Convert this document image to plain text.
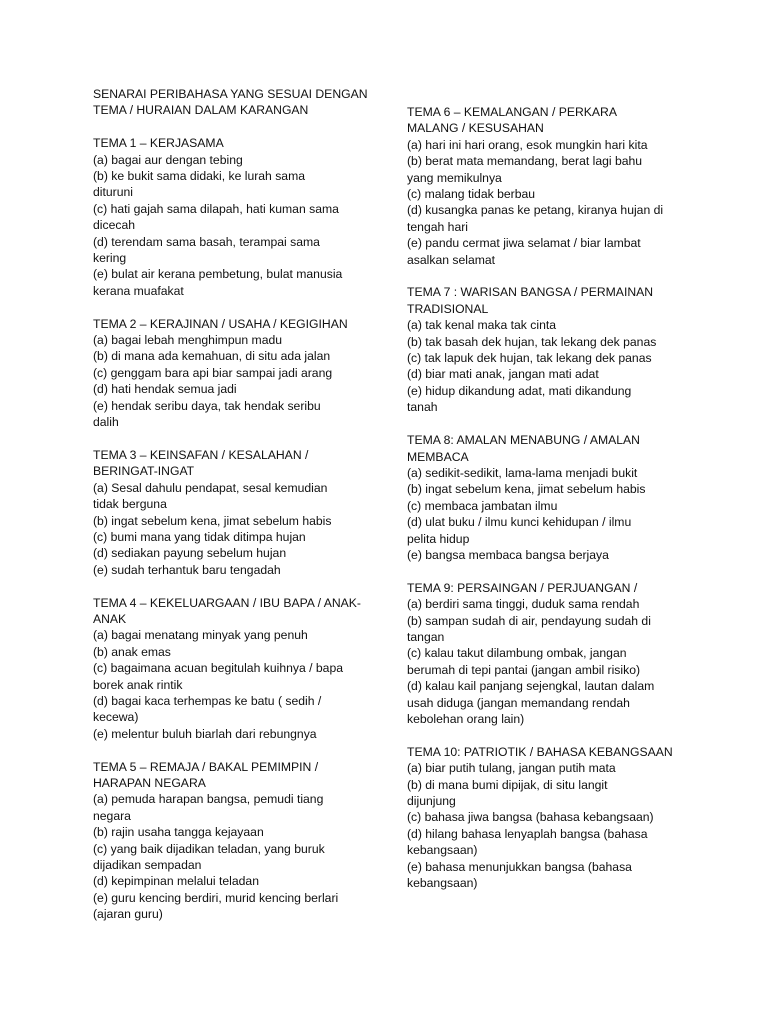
SENARAI PERIBAHASA YANG SESUAI DENGAN
TEMA / HURAIAN DALAM KARANGAN
TEMA 1 – KERJASAMA
(a) bagai aur dengan tebing
(b) ke bukit sama didaki, ke lurah sama
dituruni
(c) hati gajah sama dilapah, hati kuman sama
dicecah
(d) terendam sama basah, terampai sama
kering
(e) bulat air kerana pembetung, bulat manusia
kerana muafakat
TEMA 2 – KERAJINAN / USAHA / KEGIGIHAN
(a) bagai lebah menghimpun madu
(b) di mana ada kemahuan, di situ ada jalan
(c) genggam bara api biar sampai jadi arang
(d) hati hendak semua jadi
(e) hendak seribu daya, tak hendak seribu
dalih
TEMA 3 – KEINSAFAN / KESALAHAN /
BERINGAT-INGAT
(a) Sesal dahulu pendapat, sesal kemudian
tidak berguna
(b) ingat sebelum kena, jimat sebelum habis
(c) bumi mana yang tidak ditimpa hujan
(d) sediakan payung sebelum hujan
(e) sudah terhantuk baru tengadah
TEMA 4 – KEKELUARGAAN / IBU BAPA / ANAK-
ANAK
(a) bagai menatang minyak yang penuh
(b) anak emas
(c) bagaimana acuan begitulah kuihnya / bapa
borek anak rintik
(d) bagai kaca terhempas ke batu ( sedih /
kecewa)
(e) melentur buluh biarlah dari rebungnya
TEMA 5 – REMAJA / BAKAL PEMIMPIN /
HARAPAN NEGARA
(a) pemuda harapan bangsa, pemudi tiang
negara
(b) rajin usaha tangga kejayaan
(c) yang baik dijadikan teladan, yang buruk
dijadikan sempadan
(d) kepimpinan melalui teladan
(e) guru kencing berdiri, murid kencing berlari
(ajaran guru)
TEMA 6 – KEMALANGAN / PERKARA
MALANG / KESUSAHAN
(a) hari ini hari orang, esok mungkin hari kita
(b) berat mata memandang, berat lagi bahu
yang memikulnya
(c) malang tidak berbau
(d) kusangka panas ke petang, kiranya hujan di
tengah hari
(e) pandu cermat jiwa selamat / biar lambat
asalkan selamat
TEMA 7 : WARISAN BANGSA / PERMAINAN
TRADISIONAL
(a) tak kenal maka tak cinta
(b) tak basah dek hujan, tak lekang dek panas
(c) tak lapuk dek hujan, tak lekang dek panas
(d) biar mati anak, jangan mati adat
(e) hidup dikandung adat, mati dikandung
tanah
TEMA 8: AMALAN MENABUNG / AMALAN
MEMBACA
(a) sedikit-sedikit, lama-lama menjadi bukit
(b) ingat sebelum kena, jimat sebelum habis
(c) membaca jambatan ilmu
(d) ulat buku / ilmu kunci kehidupan / ilmu
pelita hidup
(e) bangsa membaca bangsa berjaya
TEMA 9: PERSAINGAN / PERJUANGAN /
(a) berdiri sama tinggi, duduk sama rendah
(b) sampan sudah di air, pendayung sudah di
tangan
(c) kalau takut dilambung ombak, jangan
berumah di tepi pantai (jangan ambil risiko)
(d) kalau kail panjang sejengkal, lautan dalam
usah diduga (jangan memandang rendah
kebolehan orang lain)
TEMA 10: PATRIOTIK / BAHASA KEBANGSAAN
(a) biar putih tulang, jangan putih mata
(b) di mana bumi dipijak, di situ langit
dijunjung
(c) bahasa jiwa bangsa (bahasa kebangsaan)
(d) hilang bahasa lenyaplah bangsa (bahasa
kebangsaan)
(e) bahasa menunjukkan bangsa (bahasa
kebangsaan)
